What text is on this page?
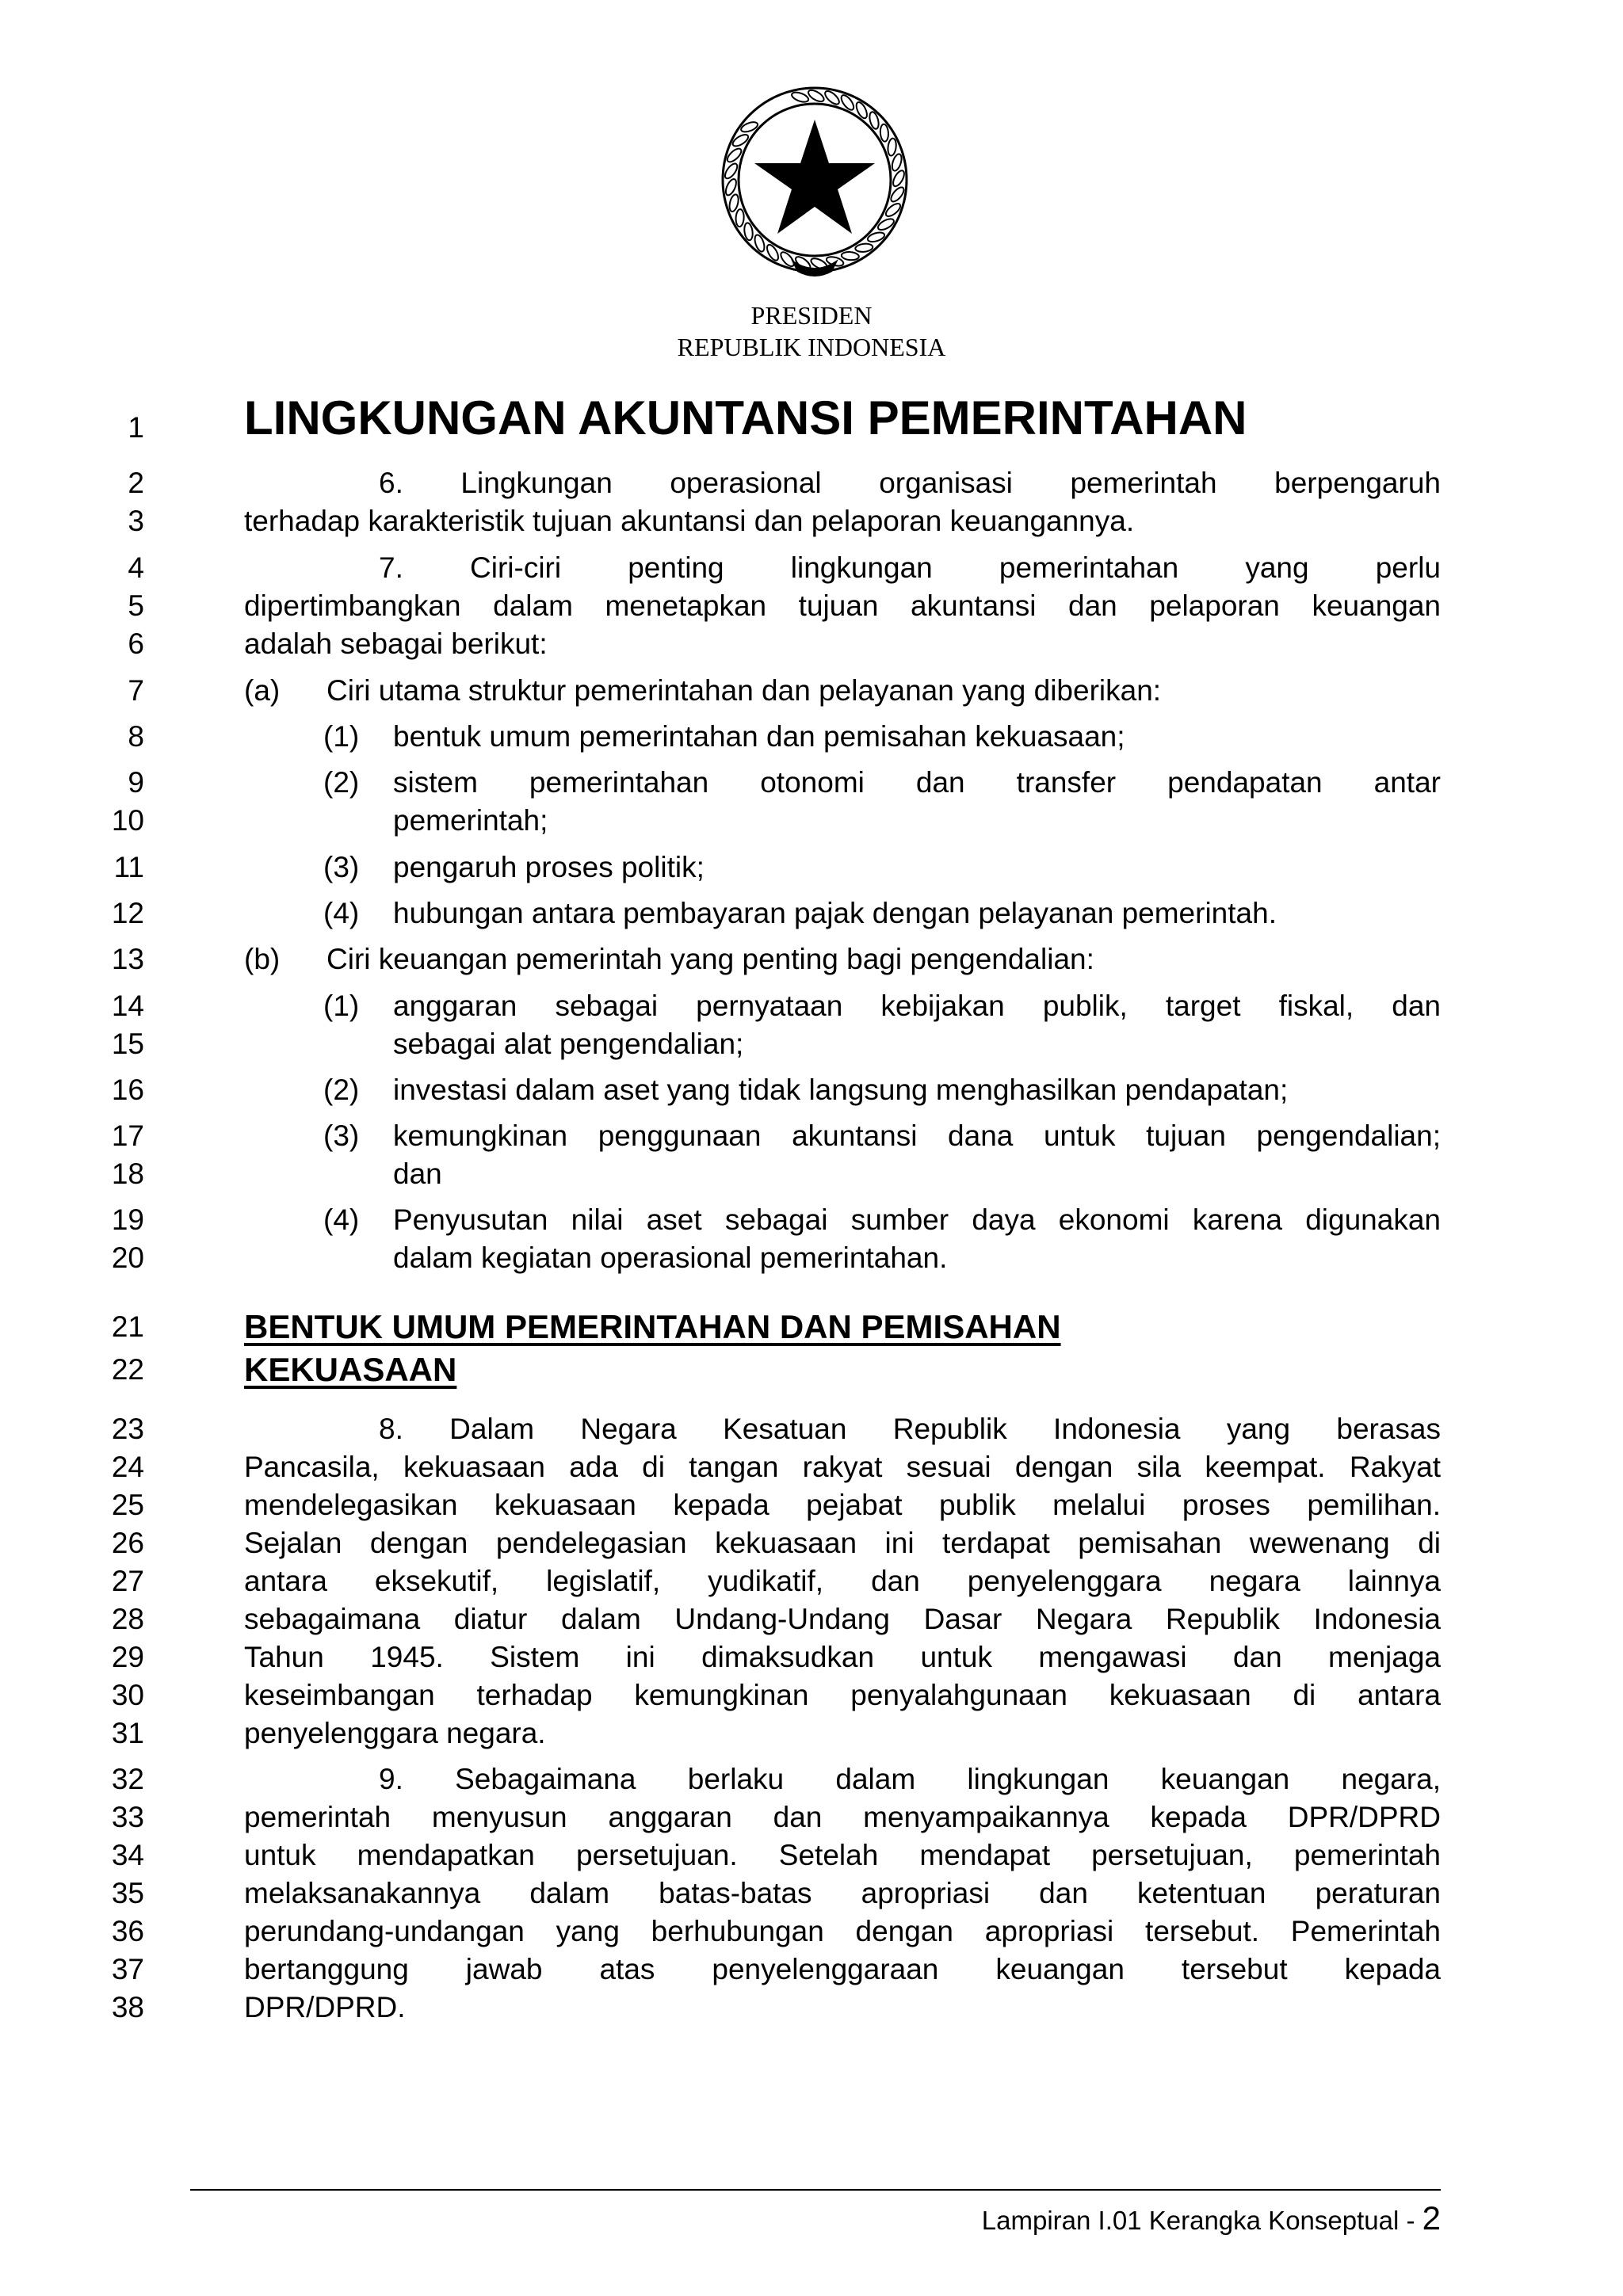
PRESIDEN
REPUBLIK INDONESIA
1
2
3
4
5
6
7
8
9
10
11
12
13
14
15
16
17
18
19
20
21
22
23
24
25
26
27
28
29
30
31
32
33
34
35
36
37
38
LINGKUNGAN AKUNTANSI PEMERINTAHAN
6. Lingkungan operasional organisasi pemerintah berpengaruh
terhadap karakteristik tujuan akuntansi dan pelaporan keuangannya.
7. Ciri-ciri penting lingkungan pemerintahan yang perlu
dipertimbangkan dalam menetapkan tujuan akuntansi dan pelaporan keuangan
adalah sebagai berikut:
(a) Ciri utama struktur pemerintahan dan pelayanan yang diberikan:
(1) bentuk umum pemerintahan dan pemisahan kekuasaan;
(2) sistem pemerintahan otonomi dan transfer pendapatan antar
pemerintah;
(3) pengaruh proses politik;
(4) hubungan antara pembayaran pajak dengan pelayanan pemerintah.
(b) Ciri keuangan pemerintah yang penting bagi pengendalian:
(1) anggaran sebagai pernyataan kebijakan publik, target fiskal, dan
sebagai alat pengendalian;
(2) investasi dalam aset yang tidak langsung menghasilkan pendapatan;
(3) kemungkinan penggunaan akuntansi dana untuk tujuan pengendalian;
dan
(4) Penyusutan nilai aset sebagai sumber daya ekonomi karena digunakan
dalam kegiatan operasional pemerintahan.
BENTUK UMUM PEMERINTAHAN DAN PEMISAHAN
KEKUASAAN
8. Dalam Negara Kesatuan Republik Indonesia yang berasas
Pancasila, kekuasaan ada di tangan rakyat sesuai dengan sila keempat. Rakyat
mendelegasikan kekuasaan kepada pejabat publik melalui proses pemilihan.
Sejalan dengan pendelegasian kekuasaan ini terdapat pemisahan wewenang di
antara eksekutif, legislatif, yudikatif, dan penyelenggara negara lainnya
sebagaimana diatur dalam Undang-Undang Dasar Negara Republik Indonesia
Tahun 1945. Sistem ini dimaksudkan untuk mengawasi dan menjaga
keseimbangan terhadap kemungkinan penyalahgunaan kekuasaan di antara
penyelenggara negara.
9. Sebagaimana berlaku dalam lingkungan keuangan negara,
pemerintah menyusun anggaran dan menyampaikannya kepada DPR/DPRD
untuk mendapatkan persetujuan. Setelah mendapat persetujuan, pemerintah
melaksanakannya dalam batas-batas apropriasi dan ketentuan peraturan
perundang-undangan yang berhubungan dengan apropriasi tersebut. Pemerintah
bertanggung jawab atas penyelenggaraan keuangan tersebut kepada
DPR/DPRD.
Lampiran I.01 Kerangka Konseptual - 2
